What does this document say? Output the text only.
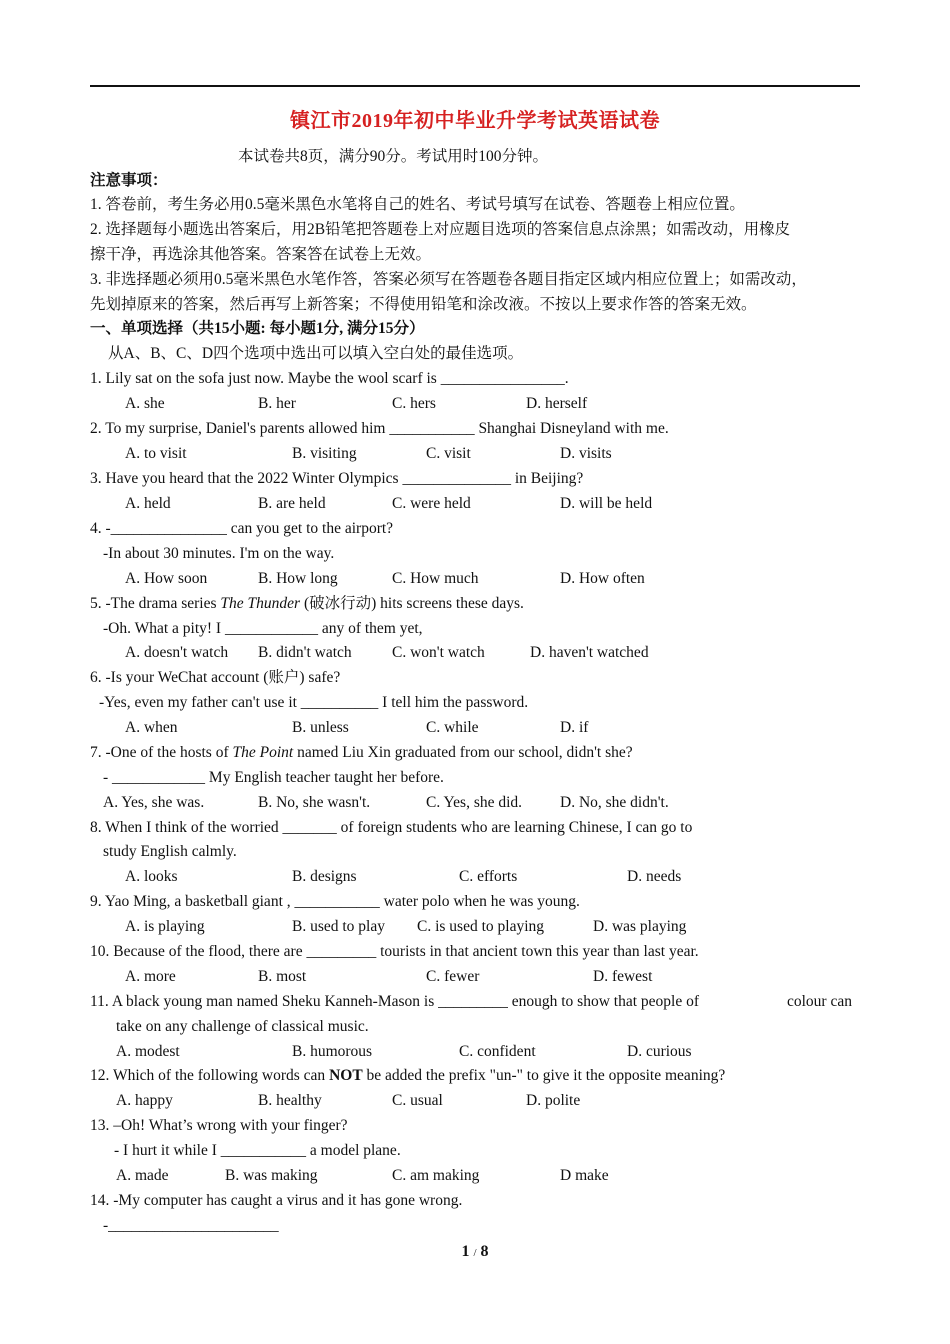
镇江市2019年初中毕业升学考试英语试卷
本试卷共8页，满分90分。考试用时100分钟。
注意事项：
1. 答卷前，考生务必用0.5毫米黑色水笔将自己的姓名、考试号填写在试卷、答题卷上相应位置。
2. 选择题每小题选出答案后，用2B铅笔把答题卷上对应题目选项的答案信息点涂黑；如需改动，用橡皮
擦干净，再选涂其他答案。答案答在试卷上无效。
3. 非选择题必须用0.5毫米黑色水笔作答，答案必须写在答题卷各题目指定区域内相应位置上；如需改动，
先划掉原来的答案，然后再写上新答案；不得使用铅笔和涂改液。不按以上要求作答的答案无效。
一、单项选择（共15小题: 每小题1分, 满分15分）
从A、B、C、D四个选项中选出可以填入空白处的最佳选项。
1. Lily sat on the sofa just now. Maybe the wool scarf is ________________.
A. she	B. her	C. hers	D. herself
2. To my surprise, Daniel's parents allowed him ___________ Shanghai Disneyland with me.
A. to visit	B. visiting	C. visit	D. visits
3. Have you heard that the 2022 Winter Olympics ______________ in Beijing?
A. held	B. are held	C. were held	D. will be held
4. -_______________ can you get to the airport?
-In about 30 minutes. I'm on the way.
A. How soon	B. How long	C. How much	D. How often
5. -The drama series The Thunder (破冰行动) hits screens these days.
-Oh. What a pity! I ____________ any of them yet,
A. doesn't watch B. didn't watch	C. won't watch	D. haven't watched
6. -Is your WeChat account (账户) safe?
-Yes, even my father can't use it __________ I tell him the password.
A. when	B. unless	C. while	D. if
7. -One of the hosts of The Point named Liu Xin graduated from our school, didn't she?
- ____________ My English teacher taught her before.
A. Yes, she was.	B. No, she wasn't.	C. Yes, she did. D. No, she didn't.
8. When I think of the worried _______ of foreign students who are learning Chinese, I can go to
study English calmly.
A. looks	B. designs	C. efforts	D. needs
9. Yao Ming, a basketball giant , ___________ water polo when he was young.
A. is playing	B. used to play C. is used to playing	D. was playing
10. Because of the flood, there are _________ tourists in that ancient town this year than last year.
A. more	B. most	C. fewer	D. fewest
11. A black young man named Sheku Kanneh-Mason is _________ enough to show that people of	colour can
take on any challenge of classical music.
A. modest	B. humorous	C. confident	D. curious
12. Which of the following words can NOT be added the prefix "un-" to give it the opposite meaning?
A. happy	B. healthy	C. usual	D. polite
13. –Oh! What’s wrong with your finger?
- I hurt it while I ___________ a model plane.
A. made	B. was making	C. am making	D make
14. -My computer has caught a virus and it has gone wrong.
-______________________
1 / 8
